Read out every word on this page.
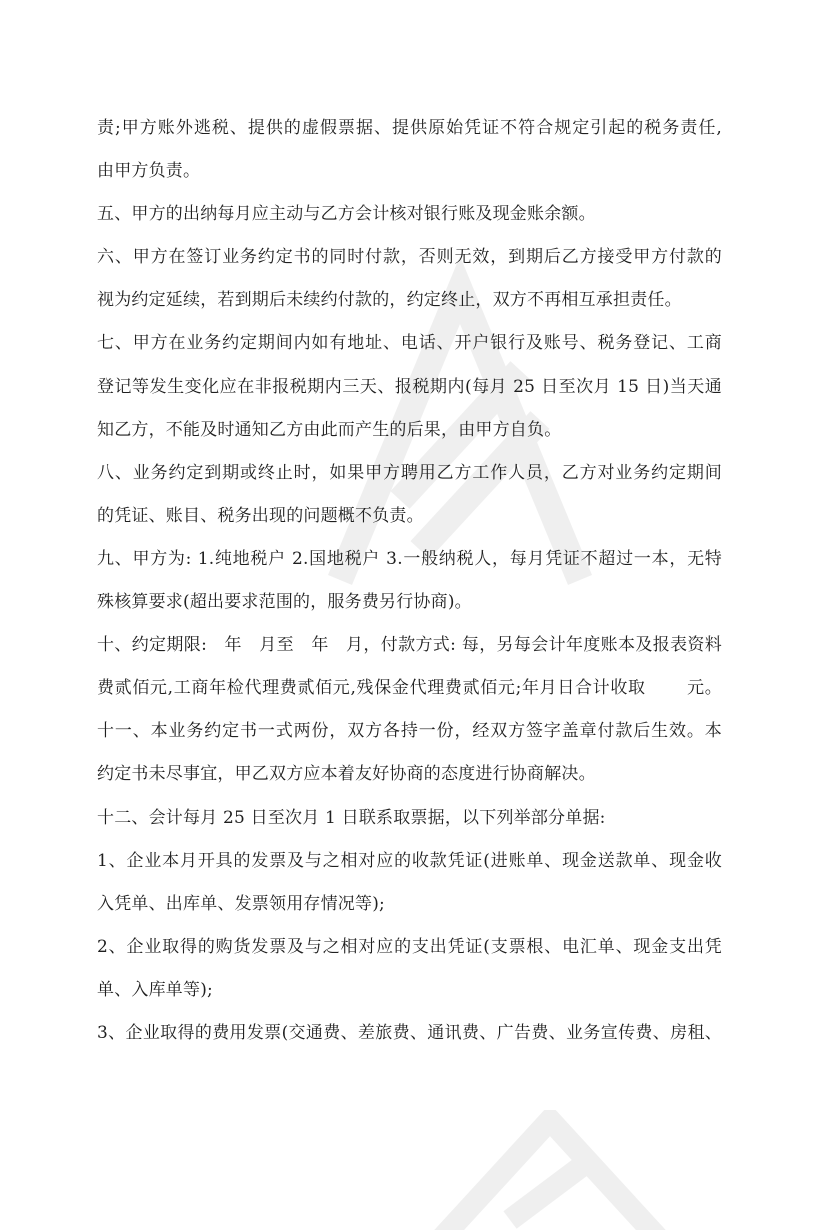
责;甲方账外逃税、提供的虚假票据、提供原始凭证不符合规定引起的税务责任,
由甲方负责。
五、甲方的出纳每月应主动与乙方会计核对银行账及现金账余额。
六、甲方在签订业务约定书的同时付款，否则无效，到期后乙方接受甲方付款的
视为约定延续，若到期后未续约付款的，约定终止，双方不再相互承担责任。
七、甲方在业务约定期间内如有地址、电话、开户银行及账号、税务登记、工商
登记等发生变化应在非报税期内三天、报税期内(每月 25 日至次月 15 日)当天通
知乙方，不能及时通知乙方由此而产生的后果，由甲方自负。
八、业务约定到期或终止时，如果甲方聘用乙方工作人员，乙方对业务约定期间
的凭证、账目、税务出现的问题概不负责。
九、甲方为: 1.纯地税户 2.国地税户 3.一般纳税人，每月凭证不超过一本，无特
殊核算要求(超出要求范围的，服务费另行协商)。
十、约定期限:　年　月至　年　月，付款方式: 每，另每会计年度账本及报表资料
费贰佰元,工商年检代理费贰佰元,残保金代理费贰佰元;年月日合计收取　　 元。
十一、本业务约定书一式两份，双方各持一份，经双方签字盖章付款后生效。本
约定书未尽事宜，甲乙双方应本着友好协商的态度进行协商解决。
十二、会计每月 25 日至次月 1 日联系取票据，以下列举部分单据:
1、企业本月开具的发票及与之相对应的收款凭证(进账单、现金送款单、现金收
入凭单、出库单、发票领用存情况等);
2、企业取得的购货发票及与之相对应的支出凭证(支票根、电汇单、现金支出凭
单、入库单等);
3、企业取得的费用发票(交通费、差旅费、通讯费、广告费、业务宣传费、房租、
